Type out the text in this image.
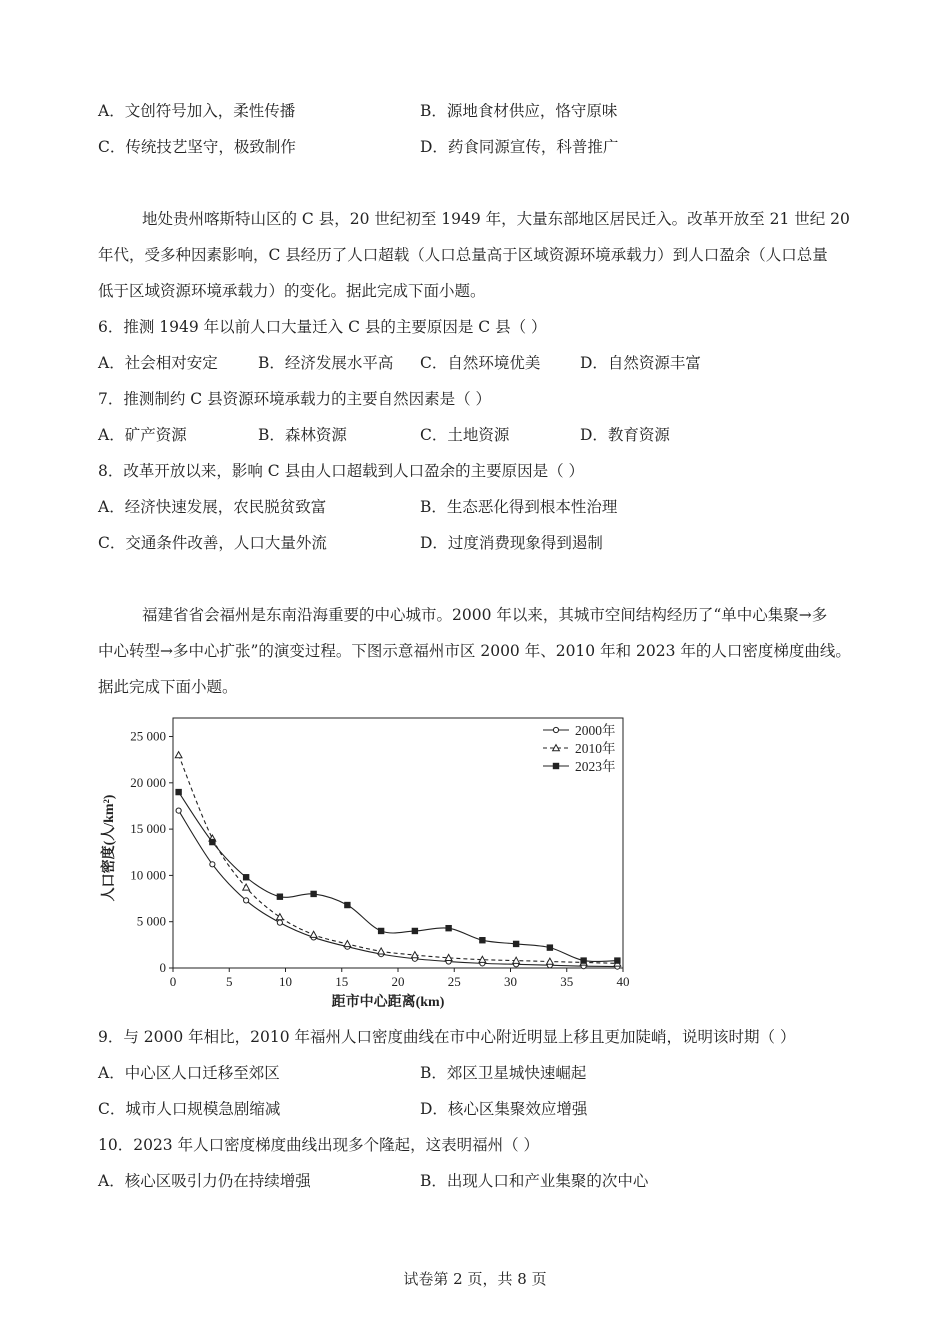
A．文创符号加入，柔性传播	B．源地食材供应，恪守原味
C．传统技艺坚守，极致制作	D．药食同源宣传，科普推广
地处贵州喀斯特山区的 C 县，20 世纪初至 1949 年，大量东部地区居民迁入。改革开放至 21 世纪 20
年代，受多种因素影响，C 县经历了人口超载（人口总量高于区域资源环境承载力）到人口盈余（人口总量
低于区域资源环境承载力）的变化。据此完成下面小题。
6．推测 1949 年以前人口大量迁入 C 县的主要原因是 C 县（ ）
A．社会相对安定	B．经济发展水平高 C．自然环境优美	D．自然资源丰富
7．推测制约 C 县资源环境承载力的主要自然因素是（ ）
A．矿产资源	B．森林资源	C．土地资源	D．教育资源
8．改革开放以来，影响 C 县由人口超载到人口盈余的主要原因是（ ）
A．经济快速发展，农民脱贫致富	B．生态恶化得到根本性治理
C．交通条件改善，人口大量外流	D．过度消费现象得到遏制
福建省省会福州是东南沿海重要的中心城市。2000 年以来，其城市空间结构经历了“单中心集聚→多
中心转型→多中心扩张”的演变过程。下图示意福州市区 2000 年、2010 年和 2023 年的人口密度梯度曲线。
据此完成下面小题。
0	5	10	15	20	25	30	35	40
0
5 000
10 000
15 000
20 000
25 000
距市中心距离(km)
人口密度(人/km²)
2000年
2010年
2023年
9．与 2000 年相比，2010 年福州人口密度曲线在市中心附近明显上移且更加陡峭，说明该时期（ ）
A．中心区人口迁移至郊区	B．郊区卫星城快速崛起
C．城市人口规模急剧缩减	D．核心区集聚效应增强
10．2023 年人口密度梯度曲线出现多个隆起，这表明福州（ ）
A．核心区吸引力仍在持续增强	B．出现人口和产业集聚的次中心
试卷第 2 页，共 8 页
